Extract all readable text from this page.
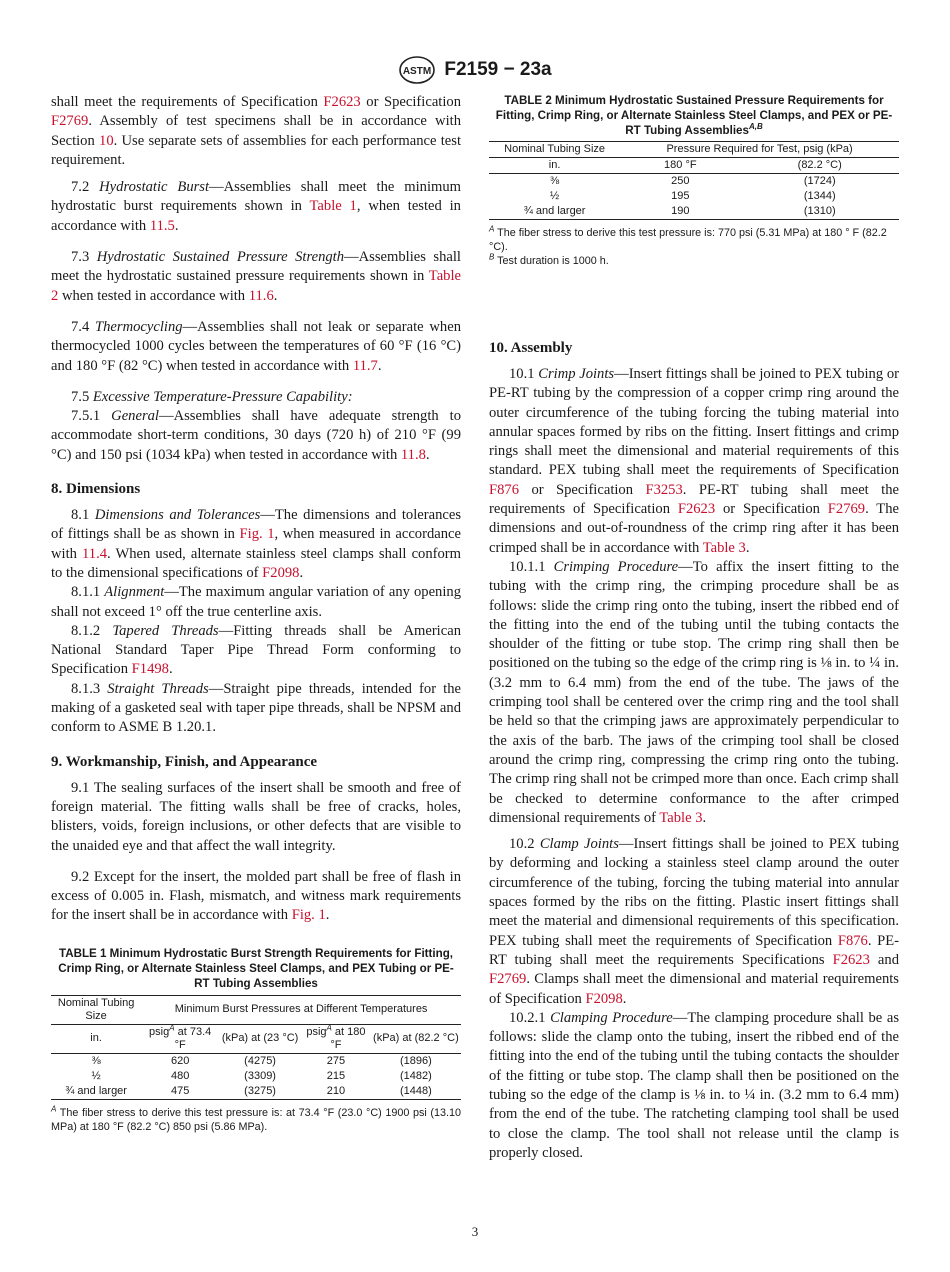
ASTM F2159 − 23a

shall meet the requirements of Specification F2623 or Specification F2769. Assembly of test specimens shall be in accordance with Section 10. Use separate sets of assemblies for each performance test requirement.

7.2 Hydrostatic Burst—Assemblies shall meet the minimum hydrostatic burst requirements shown in Table 1, when tested in accordance with 11.5.

7.3 Hydrostatic Sustained Pressure Strength—Assemblies shall meet the hydrostatic sustained pressure requirements shown in Table 2 when tested in accordance with 11.6.

7.4 Thermocycling—Assemblies shall not leak or separate when thermocycled 1000 cycles between the temperatures of 60 °F (16 °C) and 180 °F (82 °C) when tested in accordance with 11.7.

7.5 Excessive Temperature-Pressure Capability:

7.5.1 General—Assemblies shall have adequate strength to accommodate short-term conditions, 30 days (720 h) of 210 °F (99 °C) and 150 psi (1034 kPa) when tested in accordance with 11.8.

8. Dimensions

8.1 Dimensions and Tolerances—The dimensions and tolerances of fittings shall be as shown in Fig. 1, when measured in accordance with 11.4. When used, alternate stainless steel clamps shall conform to the dimensional specifications of F2098.

8.1.1 Alignment—The maximum angular variation of any opening shall not exceed 1° off the true centerline axis.

8.1.2 Tapered Threads—Fitting threads shall be American National Standard Taper Pipe Thread Form conforming to Specification F1498.

8.1.3 Straight Threads—Straight pipe threads, intended for the making of a gasketed seal with taper pipe threads, shall be NPSM and conform to ASME B 1.20.1.

9. Workmanship, Finish, and Appearance

9.1 The sealing surfaces of the insert shall be smooth and free of foreign material. The fitting walls shall be free of cracks, holes, blisters, voids, foreign inclusions, or other defects that are visible to the unaided eye and that affect the wall integrity.

9.2 Except for the insert, the molded part shall be free of flash in excess of 0.005 in. Flash, mismatch, and witness mark requirements for the insert shall be in accordance with Fig. 1.

TABLE 1 Minimum Hydrostatic Burst Strength Requirements for Fitting, Crimp Ring, or Alternate Stainless Steel Clamps, and PEX Tubing or PE-RT Tubing Assemblies
Nominal Tubing Size	Minimum Burst Pressures at Different Temperatures			
in.	psig$^A$ at 73.4 °F	(kPa) at (23 °C)	psig$^A$ at 180 °F	(kPa) at (82.2 °C)
⅜	620	(4275)	275	(1896)
½	480	(3309)	215	(1482)
¾ and larger	475	(3275)	210	(1448)
$^A$ The fiber stress to derive this test pressure is: at 73.4 °F (23.0 °C) 1900 psi (13.10 MPa) at 180 °F (82.2 °C) 850 psi (5.86 MPa).
TABLE 2 Minimum Hydrostatic Sustained Pressure Requirements for Fitting, Crimp Ring, or Alternate Stainless Steel Clamps, and PEX or PE-RT Tubing Assemblies$^{A,B}$
Nominal Tubing Size	Pressure Required for Test, psig (kPa)	
in.	180 °F	(82.2 °C)
⅜	250	(1724)
½	195	(1344)
¾ and larger	190	(1310)
$^A$ The fiber stress to derive this test pressure is: 770 psi (5.31 MPa) at 180 ° F (82.2 °C).
$^B$ Test duration is 1000 h.
10. Assembly

10.1 Crimp Joints—Insert fittings shall be joined to PEX tubing or PE-RT tubing by the compression of a copper crimp ring around the outer circumference of the tubing forcing the tubing material into annular spaces formed by ribs on the fitting. Insert fittings and crimp rings shall meet the dimensional and material requirements of this standard. PEX tubing shall meet the requirements of Specification F876 or Specification F3253. PE-RT tubing shall meet the requirements of Specification F2623 or Specification F2769. The dimensions and out-of-roundness of the crimp ring after it has been crimped shall be in accordance with Table 3.

10.1.1 Crimping Procedure—To affix the insert fitting to the tubing with the crimp ring, the crimping procedure shall be as follows: slide the crimp ring onto the tubing, insert the ribbed end of the fitting into the end of the tubing until the tubing contacts the shoulder of the fitting or tube stop. The crimp ring shall then be positioned on the tubing so the edge of the crimp ring is ⅛ in. to ¼ in. (3.2 mm to 6.4 mm) from the end of the tube. The jaws of the crimping tool shall be centered over the crimp ring and the tool shall be held so that the crimping jaws are approximately perpendicular to the axis of the barb. The jaws of the crimping tool shall be closed around the crimp ring, compressing the crimp ring onto the tubing. The crimp ring shall not be crimped more than once. Each crimp shall be checked to determine conformance to the after crimped dimensional requirements of Table 3.

10.2 Clamp Joints—Insert fittings shall be joined to PEX tubing by deforming and locking a stainless steel clamp around the outer circumference of the tubing, forcing the tubing material into annular spaces formed by the ribs on the fitting. Plastic insert fittings shall meet the material and dimensional requirements of this specification. PEX tubing shall meet the requirements of Specification F876. PE-RT tubing shall meet the requirements Specifications F2623 and F2769. Clamps shall meet the dimensional and material requirements of Specification F2098.

10.2.1 Clamping Procedure—The clamping procedure shall be as follows: slide the clamp onto the tubing, insert the ribbed end of the fitting into the end of the tubing until the tubing contacts the shoulder of the fitting or tube stop. The clamp shall then be positioned on the tubing so the edge of the clamp is ⅛ in. to ¼ in. (3.2 mm to 6.4 mm) from the end of the tube. The ratcheting clamping tool shall be used to close the clamp. The tool shall not release until the clamp is properly closed.

3
